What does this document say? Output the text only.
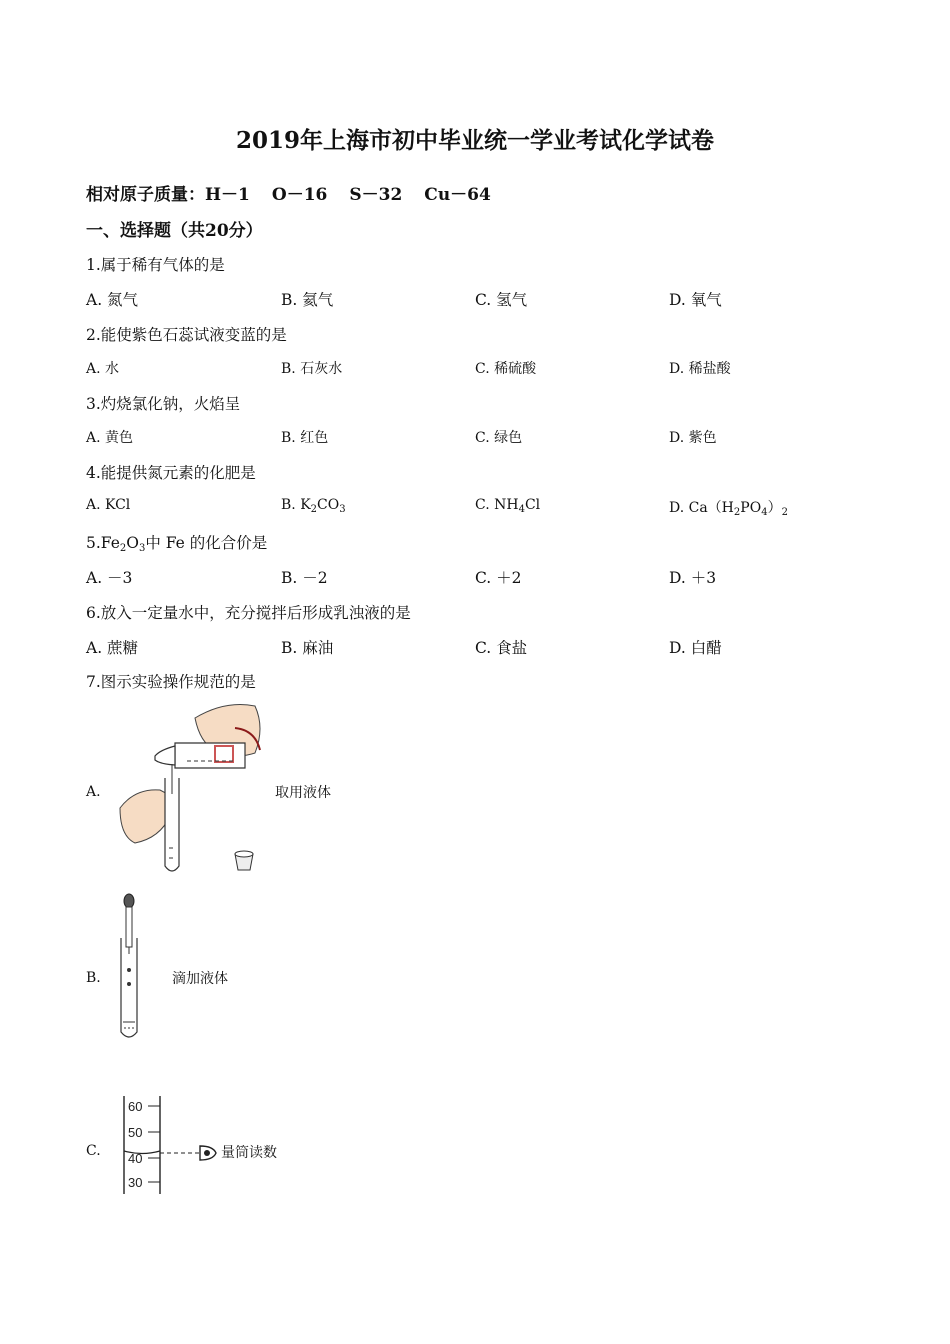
2019年上海市初中毕业统一学业考试化学试卷
相对原子质量：H－1 O－16 S－32 Cu－64
一、选择题（共20分）
1.属于稀有气体的是
A. 氮气	B. 氦气	C. 氢气	D. 氧气
2.能使紫色石蕊试液变蓝的是
A. 水	B. 石灰水	C. 稀硫酸	D. 稀盐酸
3.灼烧氯化钠，火焰呈
A. 黄色	B. 红色	C. 绿色	D. 紫色
4.能提供氮元素的化肥是
A. KCl	B. $K_2CO_3$	C. $NH_4Cl$	D. $Ca(H_2PO_4)_2$
$5.Fe_2O_3$中 Fe 的化合价是
A. －3	B. －2	C. ＋2	D. ＋3
6.放入一定量水中，充分搅拌后形成乳浊液的是
A. 蔗糖	B. 麻油	C. 食盐	D. 白醋
7.图示实验操作规范的是
A.	取用液体
B.	滴加液体
C.
60
50
40
30
量筒读数
